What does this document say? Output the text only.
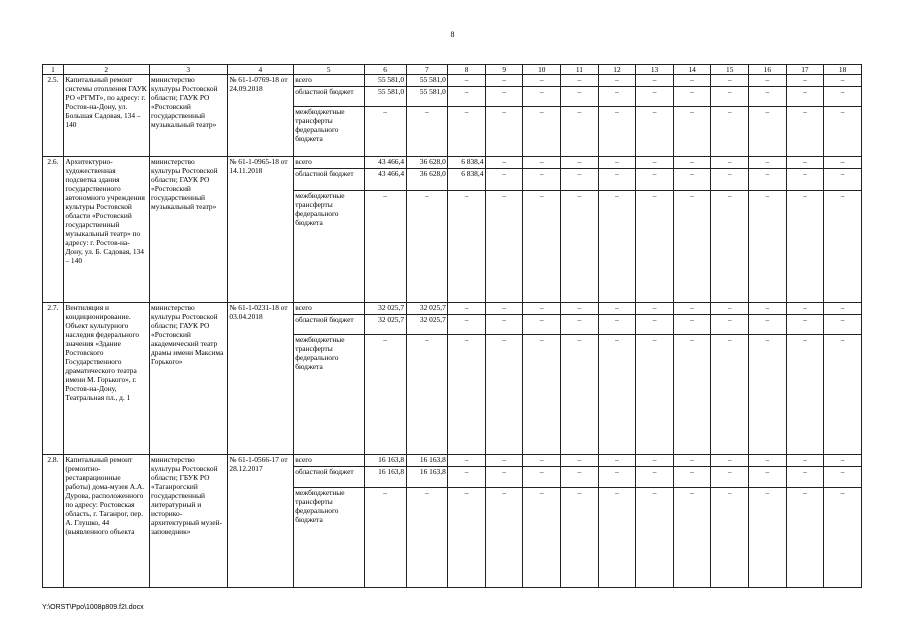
8
1	2	3	4	5	6	7	8	9	10	11	12	13	14	15	16	17	18
2.5.	Капитальный ремонт системы отопления ГАУК РО «РГМТ», по адресу: г. Ростов-на-Дону, ул. Большая Садовая, 134 – 140	министерство культуры Ростовской области; ГАУК РО «Ростовский государственный музыкальный театр»	№ 61-1-0769-18 от 24.09.2018	всего	55 581,0	55 581,0	–	–	–	–	–	–	–	–	–	–	–
				областной бюджет	55 581,0	55 581,0	–	–	–	–	–	–	–	–	–	–	–
				межбюджетные трансферты федерального бюджета	–	–	–	–	–	–	–	–	–	–	–	–	–
2.6.	Архитектурно-художественная подсветка здания государственного автономного учреждения культуры Ростовской области «Ростовский государственный музыкальный театр» по адресу: г. Ростов-на-Дону, ул. Б. Садовая, 134 – 140	министерство культуры Ростовской области; ГАУК РО «Ростовский государственный музыкальный театр»	№ 61-1-0965-18 от 14.11.2018	всего	43 466,4	36 628,0	6 838,4	–	–	–	–	–	–	–	–	–	–
				областной бюджет	43 466,4	36 628,0	6 838,4	–	–	–	–	–	–	–	–	–	–
				межбюджетные трансферты федерального бюджета	–	–	–	–	–	–	–	–	–	–	–	–	–
2.7.	Вентиляция и кондиционирование. Объект культурного наследия федерального значения «Здание Ростовского Государственного драматического театра имени М. Горького», г. Ростов-на-Дону, Театральная пл., д. 1	министерство культуры Ростовской области; ГАУК РО «Ростовский академический театр драмы имени Максима Горького»	№ 61-1-0231-18 от 03.04.2018	всего	32 025,7	32 025,7	–	–	–	–	–	–	–	–	–	–	–
				областной бюджет	32 025,7	32 025,7	–	–	–	–	–	–	–	–	–	–	–
				межбюджетные трансферты федерального бюджета	–	–	–	–	–	–	–	–	–	–	–	–	–
2.8.	Капитальный ремонт (ремонтно-реставрационные работы) дома-музея А.А. Дурова, расположенного по адресу: Ростовская область, г. Таганрог, пер. А. Глушко, 44 (выявленного объекта	министерство культуры Ростовской области; ГБУК РО «Таганрогский государственный литературный и историко-архитектурный музей-заповедник»	№ 61-1-0566-17 от 28.12.2017	всего	16 163,8	16 163,8	–	–	–	–	–	–	–	–	–	–	–
				областной бюджет	16 163,8	16 163,8	–	–	–	–	–	–	–	–	–	–	–
				межбюджетные трансферты федерального бюджета	–	–	–	–	–	–	–	–	–	–	–	–	–
Y:\ORST\Ppo\1008p809.f2I.docx
